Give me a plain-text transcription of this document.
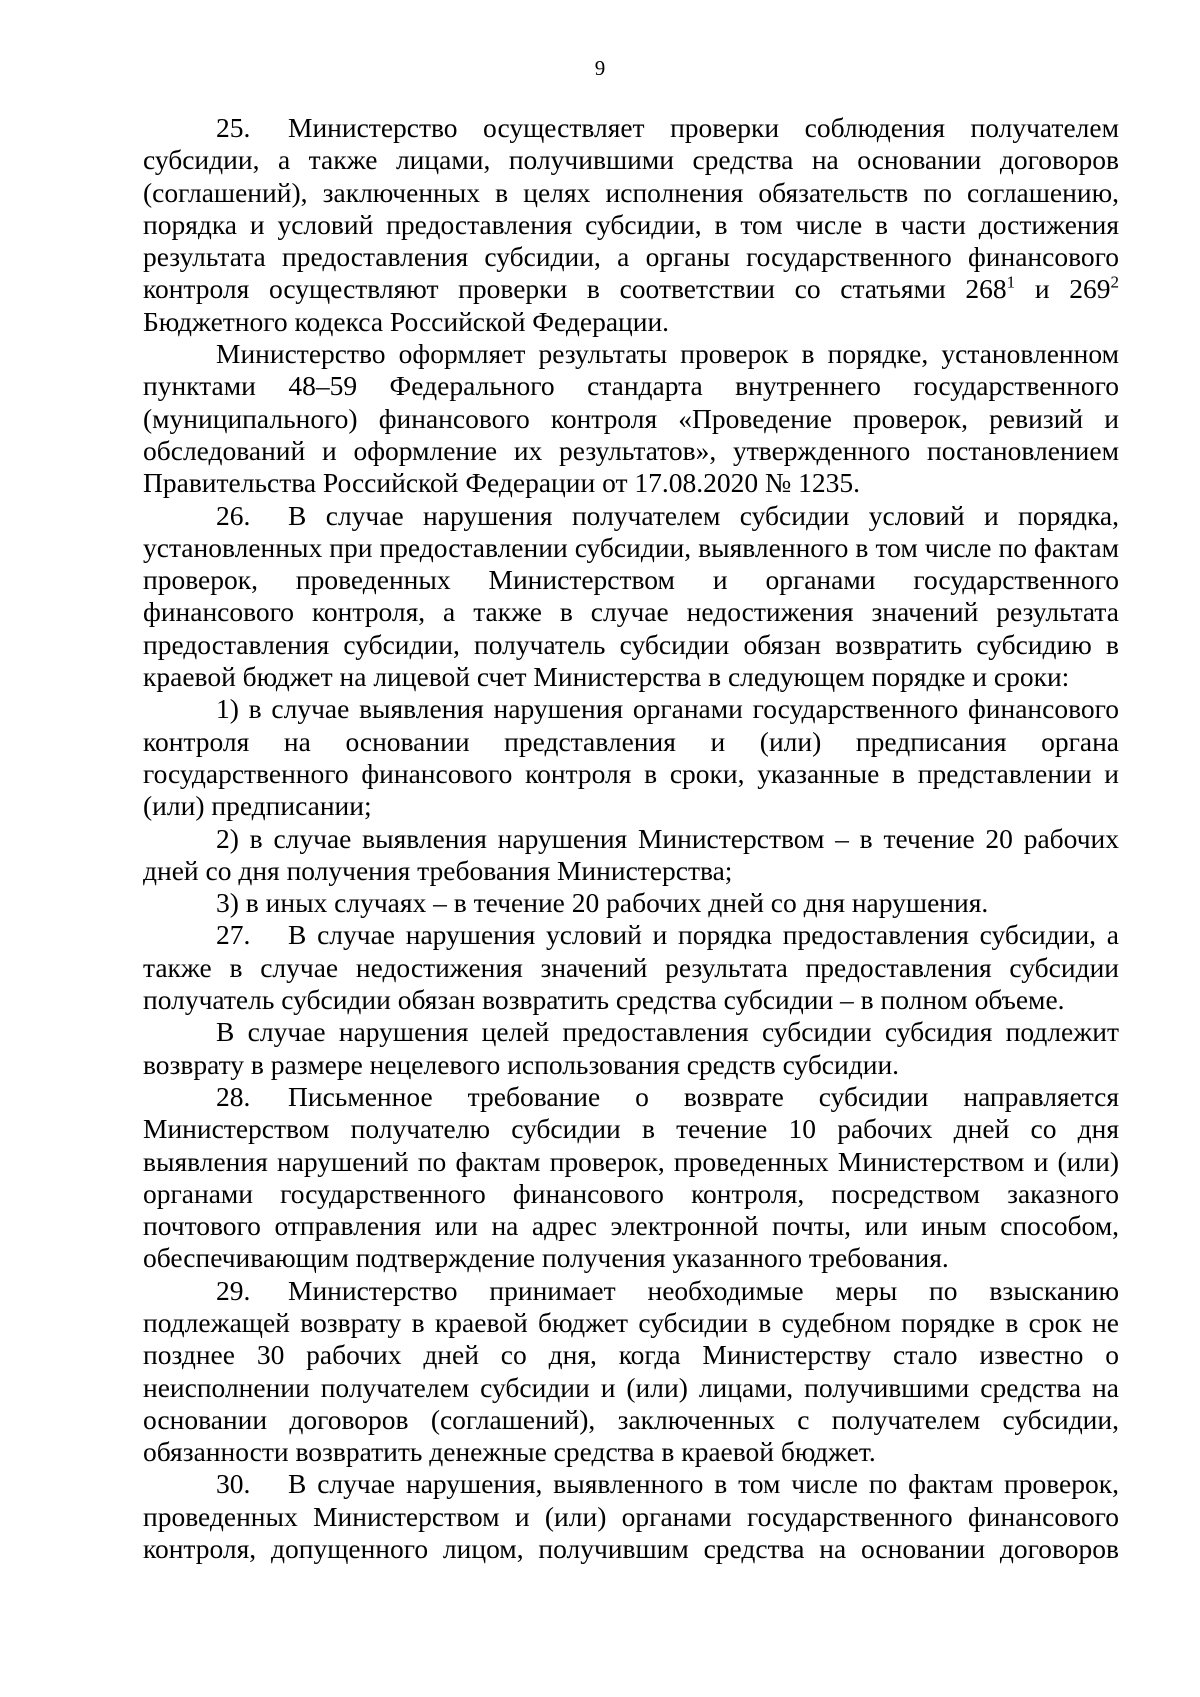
9

25. Министерство осуществляет проверки соблюдения получателем субсидии, а также лицами, получившими средства на основании договоров (соглашений), заключенных в целях исполнения обязательств по соглашению, порядка и условий предоставления субсидии, в том числе в части достижения результата предоставления субсидии, а органы государственного финансового контроля осуществляют проверки в соответствии со статьями $268^1$ и $269^2$ Бюджетного кодекса Российской Федерации.

Министерство оформляет результаты проверок в порядке, установленном пунктами 48–59 Федерального стандарта внутреннего государственного (муниципального) финансового контроля «Проведение проверок, ревизий и обследований и оформление их результатов», утвержденного постановлением Правительства Российской Федерации от 17.08.2020 № 1235.

26. В случае нарушения получателем субсидии условий и порядка, установленных при предоставлении субсидии, выявленного в том числе по фактам проверок, проведенных Министерством и органами государственного финансового контроля, а также в случае недостижения значений результата предоставления субсидии, получатель субсидии обязан возвратить субсидию в краевой бюджет на лицевой счет Министерства в следующем порядке и сроки:

1) в случае выявления нарушения органами государственного финансового контроля на основании представления и (или) предписания органа государственного финансового контроля в сроки, указанные в представлении и (или) предписании;

2) в случае выявления нарушения Министерством – в течение 20 рабочих дней со дня получения требования Министерства;

3) в иных случаях – в течение 20 рабочих дней со дня нарушения.

27. В случае нарушения условий и порядка предоставления субсидии, а также в случае недостижения значений результата предоставления субсидии получатель субсидии обязан возвратить средства субсидии – в полном объеме.

В случае нарушения целей предоставления субсидии субсидия подлежит возврату в размере нецелевого использования средств субсидии.

28. Письменное требование о возврате субсидии направляется Министерством получателю субсидии в течение 10 рабочих дней со дня выявления нарушений по фактам проверок, проведенных Министерством и (или) органами государственного финансового контроля, посредством заказного почтового отправления или на адрес электронной почты, или иным способом, обеспечивающим подтверждение получения указанного требования.

29. Министерство принимает необходимые меры по взысканию подлежащей возврату в краевой бюджет субсидии в судебном порядке в срок не позднее 30 рабочих дней со дня, когда Министерству стало известно о неисполнении получателем субсидии и (или) лицами, получившими средства на основании договоров (соглашений), заключенных с получателем субсидии, обязанности возвратить денежные средства в краевой бюджет.

30. В случае нарушения, выявленного в том числе по фактам проверок, проведенных Министерством и (или) органами государственного финансового контроля, допущенного лицом, получившим средства на основании договоров
